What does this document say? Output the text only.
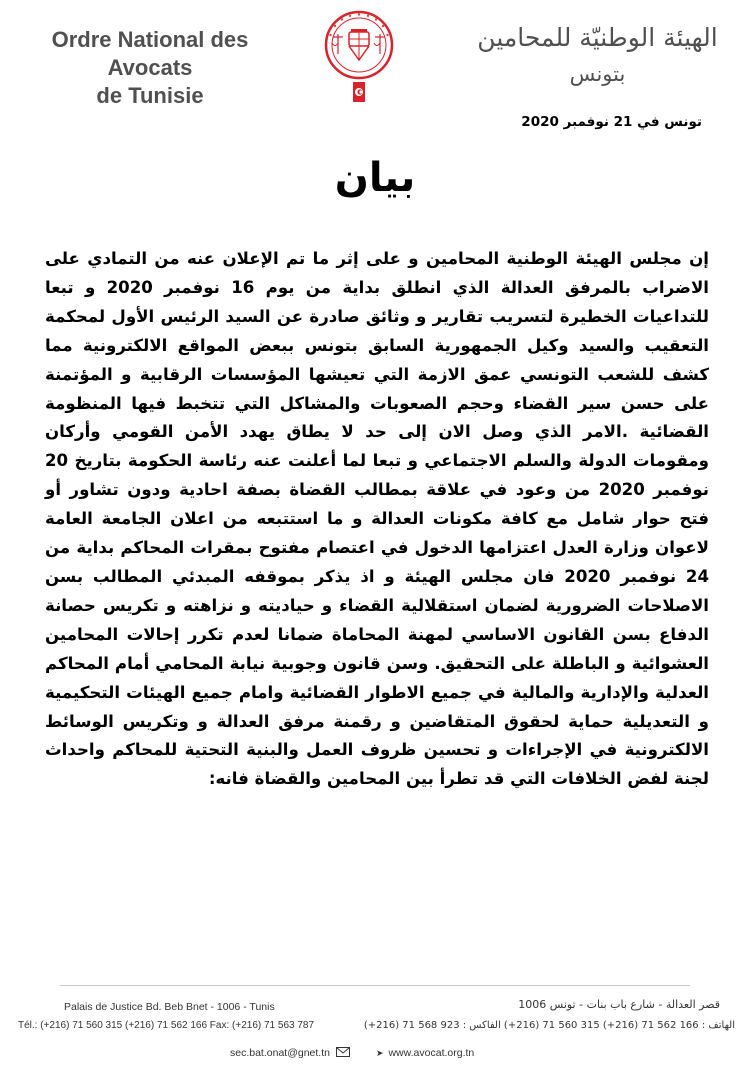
Ordre National des Avocats
de Tunisie
الهيئة الوطنيّة للمحامين
بتونس
تونس في 21 نوفمبر 2020
بيان

إن مجلس الهيئة الوطنية المحامين و على إثر ما تم الإعلان عنه من التمادي على الاضراب بالمرفق العدالة الذي انطلق بداية من يوم 16 نوفمبر 2020 و تبعا للتداعيات الخطيرة لتسريب تقارير و وثائق صادرة عن السيد الرئيس الأول لمحكمة التعقيب والسيد وكيل الجمهورية السابق بتونس ببعض المواقع الالكترونية مما كشف للشعب التونسي عمق الازمة التي تعيشها المؤسسات الرقابية و المؤتمنة على حسن سير القضاء وحجم الصعوبات والمشاكل التي تتخبط فيها المنظومة القضائية .الامر الذي وصل الان إلى حد لا يطاق يهدد الأمن القومي وأركان ومقومات الدولة والسلم الاجتماعي و تبعا لما أعلنت عنه رئاسة الحكومة بتاريخ 20 نوفمبر 2020 من وعود في علاقة بمطالب القضاة بصفة احادية ودون تشاور أو فتح حوار شامل مع كافة مكونات العدالة و ما استتبعه من اعلان الجامعة العامة لاعوان وزارة العدل اعتزامها الدخول في اعتصام مفتوح بمقرات المحاكم بداية من 24 نوفمبر 2020 فان مجلس الهيئة و اذ يذكر بموقفه المبدئي المطالب بسن الاصلاحات الضرورية لضمان استقلالية القضاء و حياديته و نزاهته و تكريس حصانة الدفاع بسن القانون الاساسي لمهنة المحاماة ضمانا لعدم تكرر إحالات المحامين العشوائية و الباطلة على التحقيق. وسن قانون وجوبية نيابة المحامي أمام المحاكم العدلية والإدارية والمالية في جميع الاطوار القضائية وامام جميع الهيئات التحكيمية و التعديلية حماية لحقوق المتقاضين و رقمنة مرفق العدالة و وتكريس الوسائط الالكترونية في الإجراءات و تحسين ظروف العمل والبنية التحتية للمحاكم واحداث لجنة لفض الخلافات التي قد تطرأ بين المحامين والقضاة فانه:

Palais de Justice Bd. Beb Bnet - 1006 - Tunis
Tél.: (+216) 71 560 315 (+216) 71 562 166 Fax: (+216) 71 563 787
sec.bat.onat@gnet.tn
قصر العدالة - شارع باب بنات - تونس 1006
الهاتف : 166 562 71 (216+) 315 560 71 (216+) الفاكس : 923 568 71 (216+)
➤ www.avocat.org.tn
